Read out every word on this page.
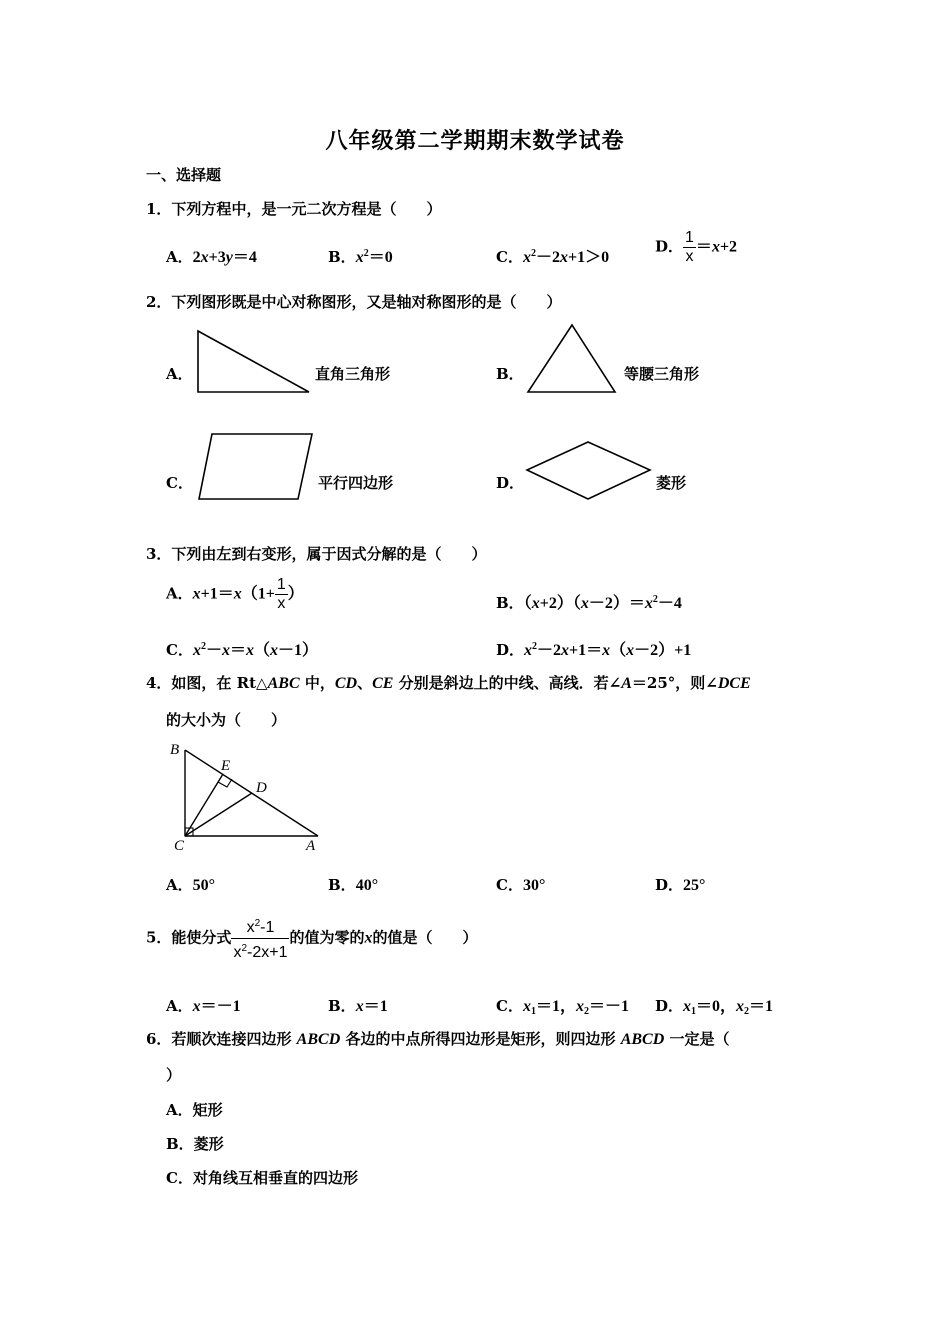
八年级第二学期期末数学试卷
一、选择题
1．下列方程中，是一元二次方程是（　　）
A．2x+3y＝4	B．$x^2=0$	C．$x^2-2x+1>0$
D． $\frac{1}{x} =x+2$
2．下列图形既是中心对称图形，又是轴对称图形的是（　　）
A．	直角三角形	B．	等腰三角形
C．	平行四边形	D．	菱形
3．下列由左到右变形，属于因式分解的是（　　）
A．$x+1=x(1+ \frac{1}{x}$ ）	B．$(x+2)(x-2)=x^2-4$
C．$x^2-x=x(x-1)$	D．$x^2-2x+1=x(x-2)+1$
4．如图，在 Rt△ABC 中，CD、CE 分别是斜边上的中线、高线．若∠A＝25°，则∠DCE
的大小为（　　）
B
E
D
C	A
A．50°	B．40°	C．30°	D．25°
5．能使分式 $\frac{x^2-1}{x^2-2x+1}$ 的值为零的x的值是（　　）
A．x＝－1	B．x＝1	C．$x_1=1$，$x_2=-1$ D．$x_1=0$，$x_2=1$
6．若顺次连接四边形 ABCD 各边的中点所得四边形是矩形，则四边形 ABCD 一定是（
）
A．矩形
B．菱形
C．对角线互相垂直的四边形
